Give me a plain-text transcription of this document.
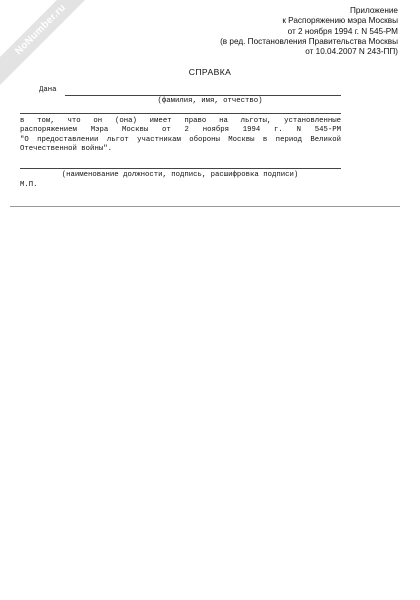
NoNumber.ru	Приложение
к Распоряжению мэра Москвы
от 2 ноября 1994 г. N 545-РМ
(в ред. Постановления Правительства Москвы
от 10.04.2007 N 243-ПП)
СПРАВКА
Дана
(фамилия, имя, отчество)
в том, что он (она) имеет право на льготы, установленные
распоряжением Мэра Москвы от 2 ноября 1994 г. N 545-РМ
"О предоставлении льгот участникам обороны Москвы в период Великой
Отечественной войны".
(наименование должности, подпись, расшифровка подписи)
М.П.
